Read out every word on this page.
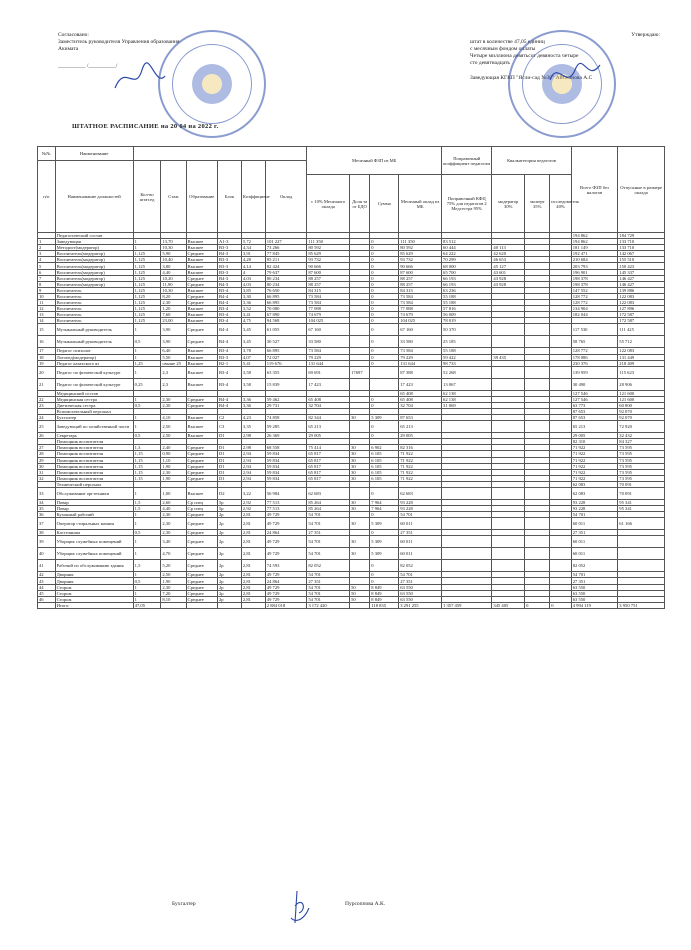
Согласовано:
Заместитель руководителя Управления образования
Акимата
__________ /__________/
Утверждаю:
штат в количестве 47,05 единиц
с месячным фондом оплаты
Четыре миллиона девятьсот девяноста четыре
сто девятнадцать
Заведующая КГКП "Ясли-сад №30" Айтжанова А.С
ШТАТНОЕ РАСПИСАНИЕ на 20 04 на 2022 г.
№№	Наименование							Месячный ФЗП из МБ				Поправочный коэффициент педагогам	Квалкатегория педагогов			Всего ФЗП без налогов	Отпускные в размере оклада
п/п	Наименование должностей	Кол-во штат.ед	Стаж	Образование	Блок	Коэффициент	Оклад										
								с 10% Месячного оклада	Доля та от БДО	Сумма	Месячный оклад из МБ	Поправочный КФЦ 75% для педагогов 2 Медсестра 95%	модератор 30%	эксперт 35%	исследователь 40%		
	Педагогический состав															194 862	184 729
1	Заведующая	1	13,70	Высшее	А1-3	5,72	101 227	111 350		0	111 350	83 512				194 862	133 710
2	Методист(модератор)	1	10,30	Высшее	В3-3	4,34	73 266	80 592		0	80 592	60 444	40 113			181 149	133 710
3	Воспитатель(модератор)	1,125	5,90	Среднее	В4-3	3,91	77 845	85 629		0	85 629	64 222	42 620			192 471	142 067
4	Воспитатель(модератор)	1,125	10,40	Высшее	В3-3	4,28	85 211	93 732		0	93 732	70 299	46 653			210 684	155 510
5	Воспитатель(модератор)	1,125	3,80	Высшее	В3-3	4,14	82 424	90 666		0	90 666	68 000	45 127			203 793	150 423
6	Воспитатель(модератор)	1,125	4,40	Высшее	В3-3	4	79 637	87 600		0	87 600	65 700	43 601			196 901	145 337
7	Воспитатель(модератор)	1,125	10,20	Среднее	В4-3	4,03	80 234	88 257		0	88 257	66 193	43 928			198 378	146 427
8	Воспитатель(модератор)	1,125	11,90	Среднее	В4-3	4,03	80 234	88 257		0	88 257	66 193	43 928			198 378	146 427
9	Воспитатель	1,125	10,30	Высшее	В3-4	3,85	76 650	84 315		0	84 315	63 236				147 552	139 886
10	Воспитатель	1,125	8,20	Среднее	В4-4	3,30	66 895	73 584		0	73 584	55 188				128 772	122 083
11	Воспитатель	1,125	2,30	Среднее	В4-4	3,36	66 895	73 584		0	73 584	55 188				128 772	122 083
12	Воспитатель	1,125	1,20	Высшее	В3-4	3,52	70 080	77 088		0	77 088	57 816				134 904	127 896
13	Воспитатель	1,125	7,60	Высшее	В3-4	3,41	67 890	74 679		0	74 679	56 009				182 044	172 587
14	Воспитатель	1,125	23,00	Высшее	В3-4	4,75	94 568	104 025		0	104 025	78 019					172 587
15	Музыкальный руководитель	1	3,90	Среднее	В4-4	3,45	61 055	67 160		0	67 160	50 370				117 530	111 425
16	Музыкальный руководитель	0,5	3,90	Среднее	В4-4	3,45	30 527	33 580		0	33 580	25 185				58 765	55 712
17	Педагог психолог	1	6,40	Высшее	В3-4	3,78	66 895	73 584		0	73 584	55 188				128 772	122 083
18	Логопед(модератор)	1	5,50	Высшее	В3-3	4,07	72 027	79 229		0	79 229	59 422	39 435			178 086	131 449
19	Педагог казахского яз	1,25	свыше 25	Высшее	В2-1	5,41	119 676	131 644		0	131 644	98 733				230 376	218 409
20	Педагог по физической культуре	1	2,3	Высшее	В3-4	3,58	63 355	69 691	17697		87 388	52 268				139 959	115 623
21	Педагог по физической культуре	0,25	2,3	Высшее	В3-4	3,58	15 839	17 423			17 423	13 067				30 490	28 906
	Медицинский состав										65 408	62 138				127 546	121 600
22	Медицинская сестра	1	2,30	Среднее	В4-4	3,36	59 462	65 408		0	65 408	62 138				127 546	121 600
23	Диетическая сестра	0,5	2,30	Среднее	В4-4	3,36	29 731	32 704		0	32 704	31 069				63 773	60 800
	Вспомогательный персонал															87 653	92 070
24	Бухгалтер	1	4,10	Высшее	С2	4,23	74 858	82 344	30	5 309	87 653					87 653	92 070
25	Заведующий по хозяйственной части	1	2,50	Высшее	С3	3,35	59 285	65 213		0	65 213					65 213	72 920
26	Секретарь	0,5	2,50	Высшее	D1	2,98	26 369	29 005		0	29 005					29 005	32 432
	Помощник воспитателя															82 310	84 327
27	Помощник воспитателя	1,3	2,40	Среднее	D1	2,98	68 558	75 414	30	6 902	82 316					71 922	73 595
28	Помощник воспитателя	1,15	0,90	Среднее	D1	2,94	59 834	65 817	30	6 105	71 922					71 922	73 595
29	Помощник воспитателя	1,15	1,10	Среднее	D1	2,94	59 834	65 817	30	6 105	71 922					71 922	73 595
30	Помощник воспитателя	1,15	1,90	Среднее	D1	2,94	59 834	65 817	30	6 105	71 922					71 922	73 595
31	Помощник воспитателя	1,15	2,30	Среднее	D1	2,94	59 834	65 817	30	6 105	71 922					71 922	73 595
32	Помощник воспитателя	1,15	1,90	Среднее	D1	2,94	59 834	65 817	30	6 105	71 922					71 922	73 595
	Технический персонал															62 083	70 091
33	Обслуживание оргтехники	1	1,00	Высшее	D2	3,22	56 984	62 683		0	62 683					62 083	70 091
34	Повар	1,5	2,60	Ср спец	5р	2,92	77 513	85 264	30	7 964	93 228					93 228	95 341
35	Повар	1,5	4,40	Ср спец	5р	2,92	77 513	85 264	30	7 964	93 228					93 228	95 341
36	Кухонный рабочий	1	2,30	Среднее	2р	2,81	49 729	54 701		0	54 701					54 701	
37	Оператор стиральных машин	1	2,30	Среднее	2р	2,81	49 729	54 701	30	5 309	60 011					60 011	61 166
38	Кастелянша	0,5	2,30	Среднее	2р	2,81	24 864	27 351		0	27 351					27 351	
39	Уборщик служебных помещений	1	3,40	Среднее	2р	2,81	49 729	54 701	30	5 309	60 011					60 011	
40	Уборщик служебных помещений	1	4,70	Среднее	2р	2,81	49 729	54 701	30	5 309	60 011					60 011	
41	Рабочий по обслуживанию здания	1,5	5,20	Среднее	2р	2,81	74 593	82 052		0	82 052					82 052	
42	Дворник	1	2,50	Среднее	2р	2,81	49 729	54 701		0	54 701					54 701	
43	Дворник	0,5	1,90	Среднее	2р	2,81	24 864	27 351		0	27 351					27 351	
44	Сторож	1	2,30	Среднее	2р	2,81	49 729	54 701	50	8 849	63 550					63 550	
45	Сторож	1	7,20	Среднее	2р	2,81	49 729	54 701	50	8 849	63 550					63 550	
46	Сторож	1	8,10	Среднее	2р	2,81	49 729	54 701	50	8 849	63 550					63 550	
	Итого:	47,05					2 884 018	3 172 420		118 835	3 291 255	1 357 459	345 405	0	0	4 994 119	3 950 751
Бухгалтер	Пурсоппова А.К.
